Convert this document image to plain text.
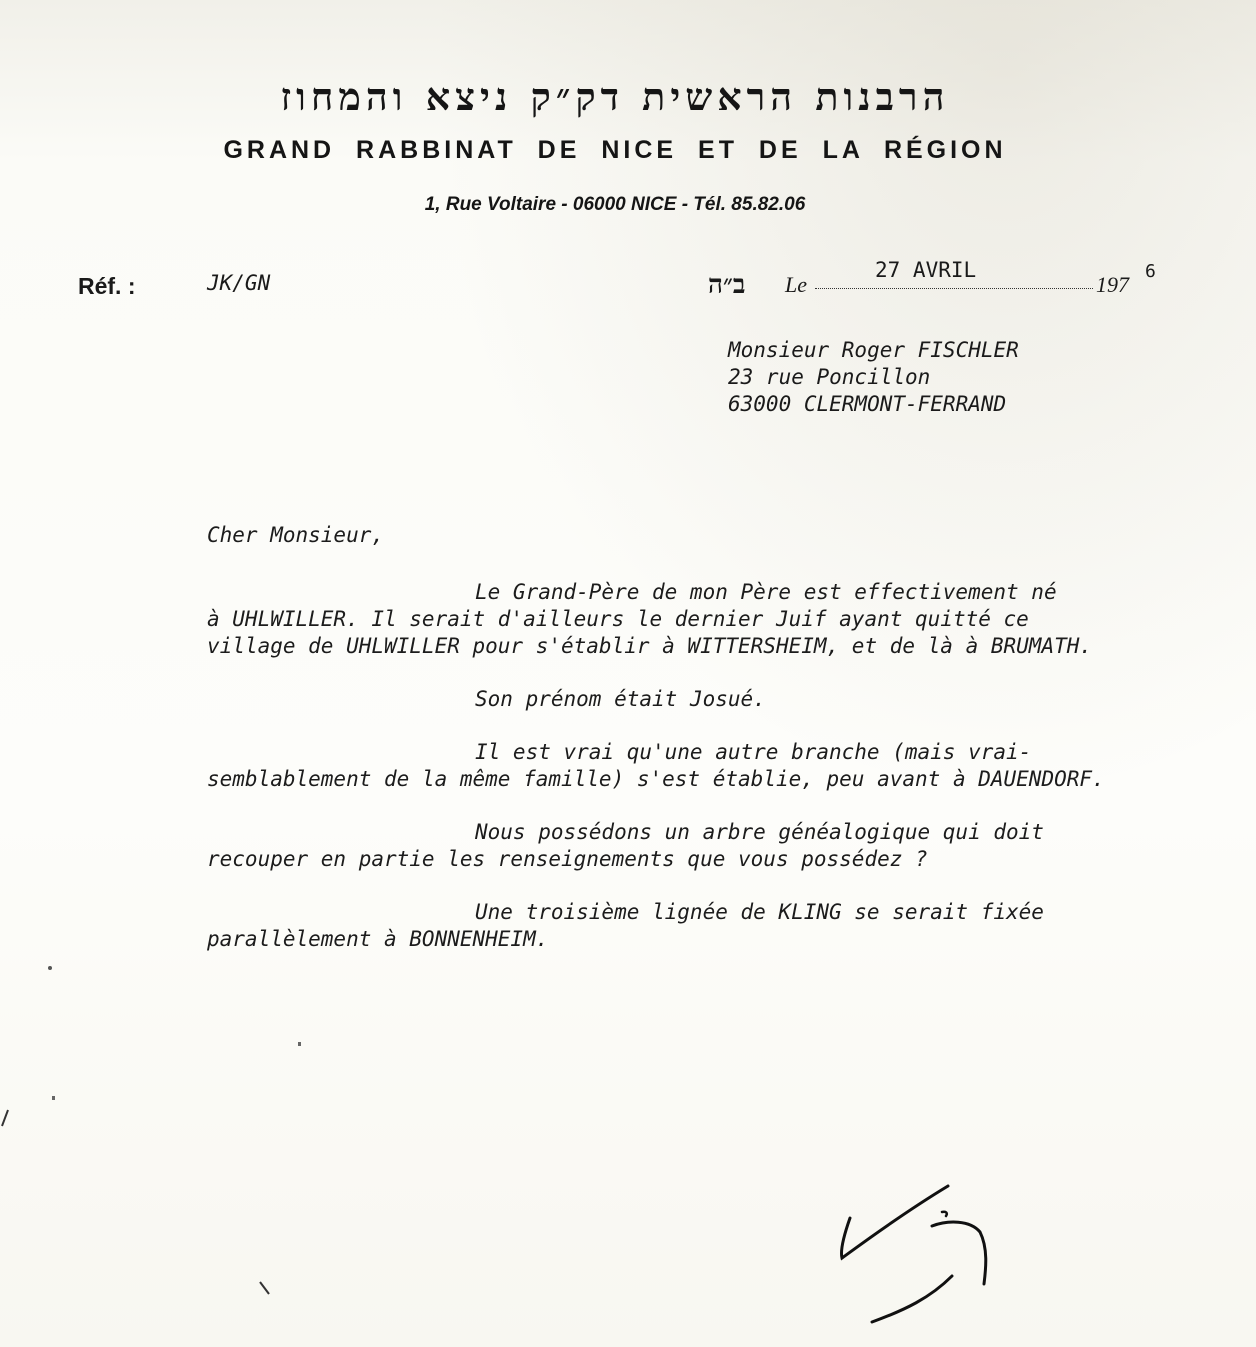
הרבנות הראשית דק״ק ניצא והמחוז
GRAND RABBINAT DE NICE ET DE LA RÉGION
1, Rue Voltaire - 06000 NICE - Tél. 85.82.06
Réf. :	JK/GN	ב״ה Le
27 AVRIL
197
6
Monsieur Roger FISCHLER
23 rue Poncillon
63000 CLERMONT-FERRAND

Cher Monsieur,

Le Grand-Père de mon Père est effectivement né
à UHLWILLER. Il serait d'ailleurs le dernier Juif ayant quitté ce village de UHLWILLER pour s'établir à WITTERSHEIM, et de là à BRUMATH.

Son prénom était Josué.

Il est vrai qu'une autre branche (mais vrai-
semblablement de la même famille) s'est établie, peu avant à DAUENDORF.

Nous possédons un arbre généalogique qui doit
recouper en partie les renseignements que vous possédez ?

Une troisième lignée de KLING se serait fixée
parallèlement à BONNENHEIM.
